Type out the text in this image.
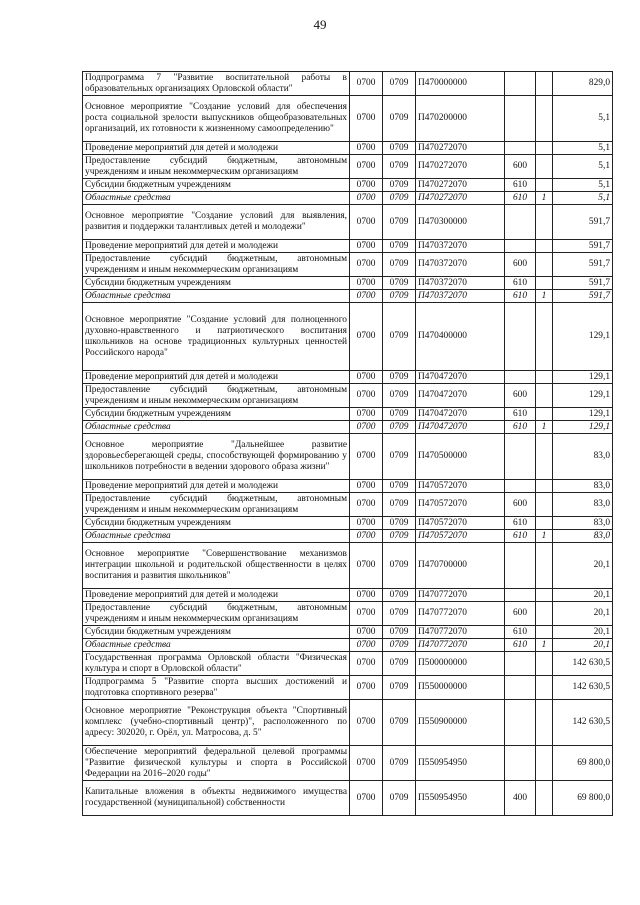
49
Подпрограмма 7 "Развитие воспитательной работы в образовательных организациях Орловской области"	0700	0709	П470000000			829,0
Основное мероприятие "Создание условий для обеспечения роста социальной зрелости выпускников общеобразовательных организаций, их готовности к жизненному самоопределению"	0700	0709	П470200000			5,1
Проведение мероприятий для детей и молодежи	0700	0709	П470272070			5,1
Предоставление субсидий бюджетным, автономным учреждениям и иным некоммерческим организациям	0700	0709	П470272070	600		5,1
Субсидии бюджетным учреждениям	0700	0709	П470272070	610		5,1
Областные средства	0700	0709	П470272070	610	1	5,1
Основное мероприятие "Создание условий для выявления, развития и поддержки талантливых детей и молодежи"	0700	0709	П470300000			591,7
Проведение мероприятий для детей и молодежи	0700	0709	П470372070			591,7
Предоставление субсидий бюджетным, автономным учреждениям и иным некоммерческим организациям	0700	0709	П470372070	600		591,7
Субсидии бюджетным учреждениям	0700	0709	П470372070	610		591,7
Областные средства	0700	0709	П470372070	610	1	591,7
Основное мероприятие "Создание условий для полноценного духовно-нравственного и патриотического воспитания школьников на основе традиционных культурных ценностей Российского народа"	0700	0709	П470400000			129,1
Проведение мероприятий для детей и молодежи	0700	0709	П470472070			129,1
Предоставление субсидий бюджетным, автономным учреждениям и иным некоммерческим организациям	0700	0709	П470472070	600		129,1
Субсидии бюджетным учреждениям	0700	0709	П470472070	610		129,1
Областные средства	0700	0709	П470472070	610	1	129,1
Основное мероприятие "Дальнейшее развитие здоровьесберегающей среды, способствующей формированию у школьников потребности в ведении здорового образа жизни"	0700	0709	П470500000			83,0
Проведение мероприятий для детей и молодежи	0700	0709	П470572070			83,0
Предоставление субсидий бюджетным, автономным учреждениям и иным некоммерческим организациям	0700	0709	П470572070	600		83,0
Субсидии бюджетным учреждениям	0700	0709	П470572070	610		83,0
Областные средства	0700	0709	П470572070	610	1	83,0
Основное мероприятие "Совершенствование механизмов интеграции школьной и родительской общественности в целях воспитания и развития школьников"	0700	0709	П470700000			20,1
Проведение мероприятий для детей и молодежи	0700	0709	П470772070			20,1
Предоставление субсидий бюджетным, автономным учреждениям и иным некоммерческим организациям	0700	0709	П470772070	600		20,1
Субсидии бюджетным учреждениям	0700	0709	П470772070	610		20,1
Областные средства	0700	0709	П470772070	610	1	20,1
Государственная программа Орловской области "Физическая культура и спорт в Орловской области"	0700	0709	П500000000			142 630,5
Подпрограмма 5 "Развитие спорта высших достижений и подготовка спортивного резерва"	0700	0709	П550000000			142 630,5
Основное мероприятие "Реконструкция объекта "Спортивный комплекс (учебно-спортивный центр)", расположенного по адресу: 302020, г. Орёл, ул. Матросова, д. 5"	0700	0709	П550900000			142 630,5
Обеспечение мероприятий федеральной целевой программы "Развитие физической культуры и спорта в Российской Федерации на 2016–2020 годы"	0700	0709	П550954950			69 800,0
Капитальные вложения в объекты недвижимого имущества государственной (муниципальной) собственности	0700	0709	П550954950	400		69 800,0
